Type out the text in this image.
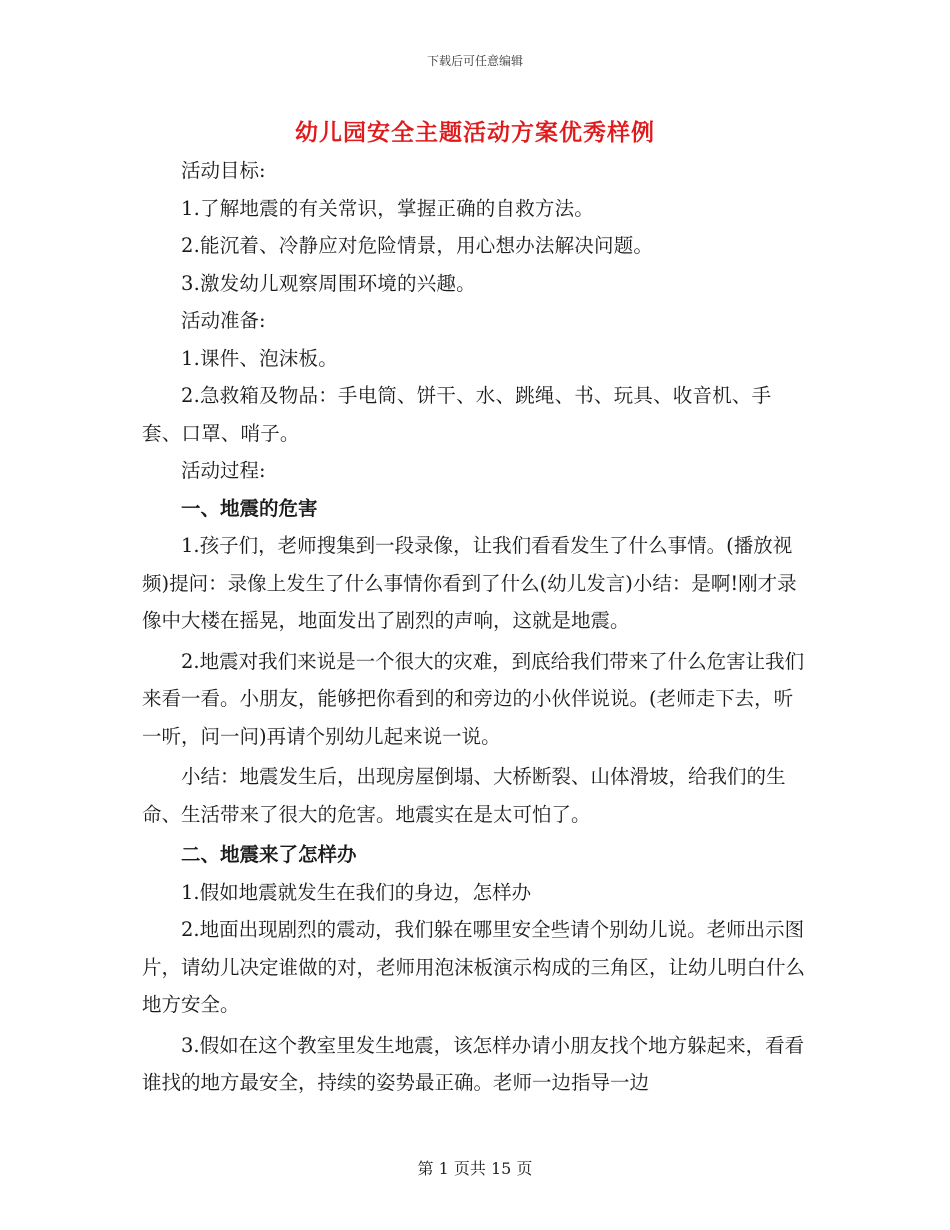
下载后可任意编辑
幼儿园安全主题活动方案优秀样例

活动目标:

1.了解地震的有关常识，掌握正确的自救方法。

2.能沉着、冷静应对危险情景，用心想办法解决问题。

3.激发幼儿观察周围环境的兴趣。

活动准备:

1.课件、泡沫板。

2.急救箱及物品：手电筒、饼干、水、跳绳、书、玩具、收音机、手套、口罩、哨子。

活动过程:

一、地震的危害

1.孩子们，老师搜集到一段录像，让我们看看发生了什么事情。(播放视频)提问：录像上发生了什么事情你看到了什么(幼儿发言)小结：是啊!刚才录像中大楼在摇晃，地面发出了剧烈的声响，这就是地震。

2.地震对我们来说是一个很大的灾难，到底给我们带来了什么危害让我们来看一看。小朋友，能够把你看到的和旁边的小伙伴说说。(老师走下去，听一听，问一问)再请个别幼儿起来说一说。

小结：地震发生后，出现房屋倒塌、大桥断裂、山体滑坡，给我们的生命、生活带来了很大的危害。地震实在是太可怕了。

二、地震来了怎样办

1.假如地震就发生在我们的身边，怎样办

2.地面出现剧烈的震动，我们躲在哪里安全些请个别幼儿说。老师出示图片，请幼儿决定谁做的对，老师用泡沫板演示构成的三角区，让幼儿明白什么地方安全。

3.假如在这个教室里发生地震，该怎样办请小朋友找个地方躲起来，看看谁找的地方最安全，持续的姿势最正确。老师一边指导一边

第 1 页共 15 页
